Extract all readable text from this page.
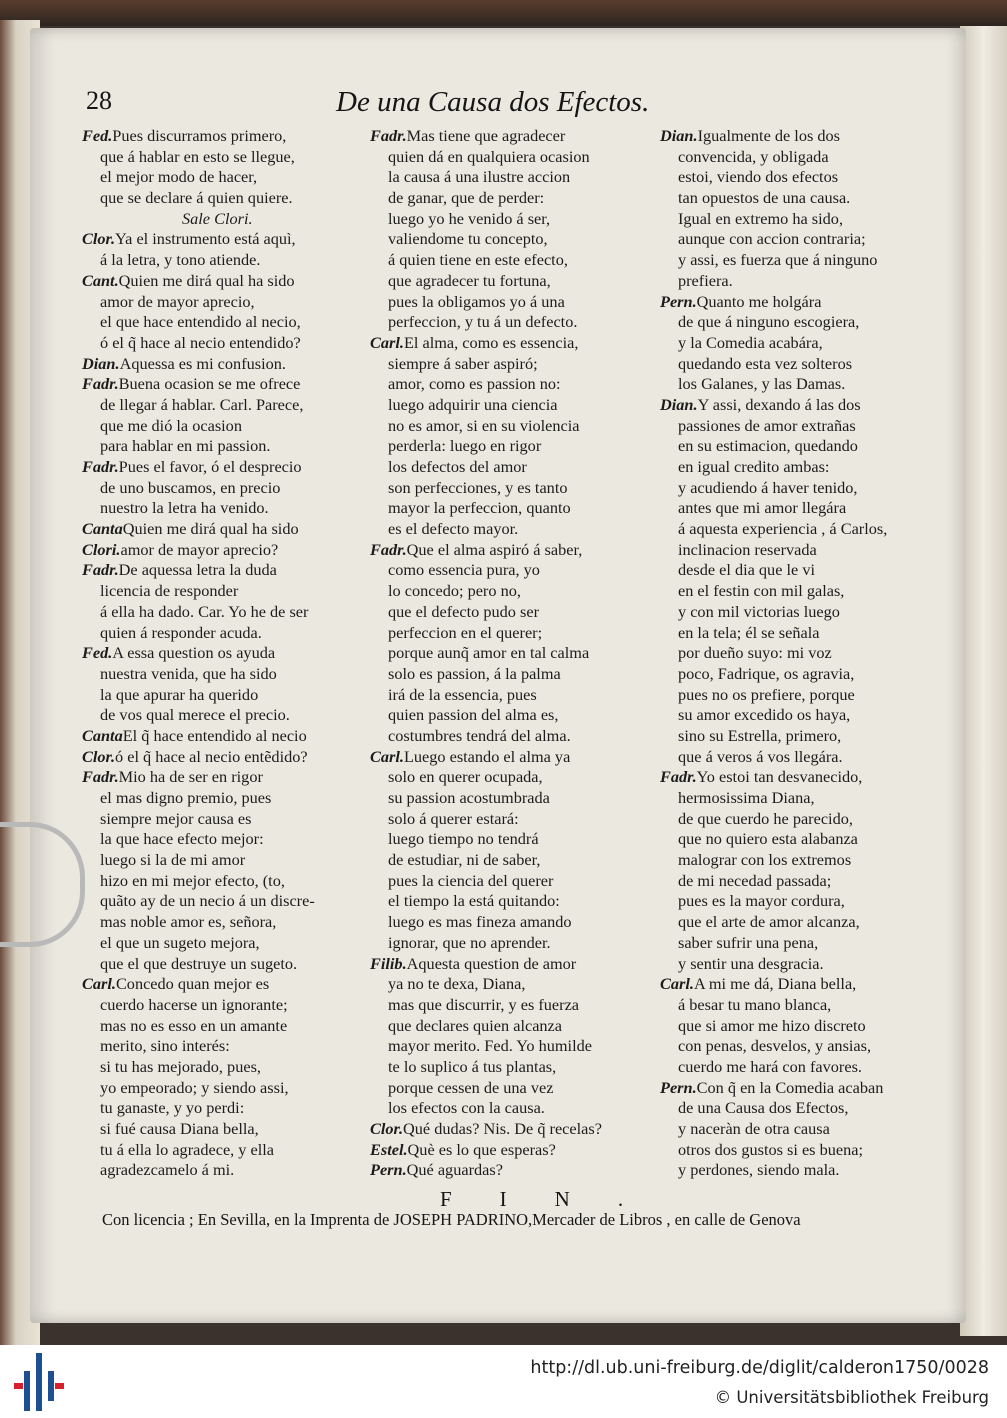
28	De una Causa dos Efectos.
Fed.Pues discurramos primero,
que á hablar en esto se llegue,
el mejor modo de hacer,
que se declare á quien quiere.
Sale Clori.
Clor.Ya el instrumento está aquì,
á la letra, y tono atiende.
Cant.Quien me dirá qual ha sido
amor de mayor aprecio,
el que hace entendido al necio,
ó el q̃ hace al necio entendido?
Dian.Aquessa es mi confusion.
Fadr.Buena ocasion se me ofrece
de llegar á hablar. Carl. Parece,
que me dió la ocasion
para hablar en mi passion.
Fadr.Pues el favor, ó el desprecio
de uno buscamos, en precio
nuestro la letra ha venido.
CantaQuien me dirá qual ha sido
Clori.amor de mayor aprecio?
Fadr.De aquessa letra la duda
licencia de responder
á ella ha dado. Car. Yo he de ser
quien á responder acuda.
Fed.A essa question os ayuda
nuestra venida, que ha sido
la que apurar ha querido
de vos qual merece el precio.
CantaEl q̃ hace entendido al necio
Clor.ó el q̃ hace al necio entẽdido?
Fadr.Mio ha de ser en rigor
el mas digno premio, pues
siempre mejor causa es
la que hace efecto mejor:
luego si la de mi amor
hizo en mi mejor efecto, (to,
quãto ay de un necio á un discre-
mas noble amor es, señora,
el que un sugeto mejora,
que el que destruye un sugeto.
Carl.Concedo quan mejor es
cuerdo hacerse un ignorante;
mas no es esso en un amante
merito, sino interés:
si tu has mejorado, pues,
yo empeorado; y siendo assi,
tu ganaste, y yo perdi:
si fué causa Diana bella,
tu á ella lo agradece, y ella
agradezcamelo á mi.
Fadr.Mas tiene que agradecer
quien dá en qualquiera ocasion
la causa á una ilustre accion
de ganar, que de perder:
luego yo he venido á ser,
valiendome tu concepto,
á quien tiene en este efecto,
que agradecer tu fortuna,
pues la obligamos yo á una
perfeccion, y tu á un defecto.
Carl.El alma, como es essencia,
siempre á saber aspiró;
amor, como es passion no:
luego adquirir una ciencia
no es amor, si en su violencia
perderla: luego en rigor
los defectos del amor
son perfecciones, y es tanto
mayor la perfeccion, quanto
es el defecto mayor.
Fadr.Que el alma aspiró á saber,
como essencia pura, yo
lo concedo; pero no,
que el defecto pudo ser
perfeccion en el querer;
porque aunq̃ amor en tal calma
solo es passion, á la palma
irá de la essencia, pues
quien passion del alma es,
costumbres tendrá del alma.
Carl.Luego estando el alma ya
solo en querer ocupada,
su passion acostumbrada
solo á querer estará:
luego tiempo no tendrá
de estudiar, ni de saber,
pues la ciencia del querer
el tiempo la está quitando:
luego es mas fineza amando
ignorar, que no aprender.
Filib.Aquesta question de amor
ya no te dexa, Diana,
mas que discurrir, y es fuerza
que declares quien alcanza
mayor merito. Fed. Yo humilde
te lo suplico á tus plantas,
porque cessen de una vez
los efectos con la causa.
Clor.Qué dudas? Nis. De q̃ recelas?
Estel.Què es lo que esperas?
Pern.Qué aguardas?
Dian.Igualmente de los dos
convencida, y obligada
estoi, viendo dos efectos
tan opuestos de una causa.
Igual en extremo ha sido,
aunque con accion contraria;
y assi, es fuerza que á ninguno
prefiera.
Pern.Quanto me holgára
de que á ninguno escogiera,
y la Comedia acabára,
quedando esta vez solteros
los Galanes, y las Damas.
Dian.Y assi, dexando á las dos
passiones de amor extrañas
en su estimacion, quedando
en igual credito ambas:
y acudiendo á haver tenido,
antes que mi amor llegára
á aquesta experiencia , á Carlos,
inclinacion reservada
desde el dia que le vi
en el festin con mil galas,
y con mil victorias luego
en la tela; él se señala
por dueño suyo: mi voz
poco, Fadrique, os agravia,
pues no os prefiere, porque
su amor excedido os haya,
sino su Estrella, primero,
que á veros á vos llegára.
Fadr.Yo estoi tan desvanecido,
hermosissima Diana,
de que cuerdo he parecido,
que no quiero esta alabanza
malograr con los extremos
de mi necedad passada;
pues es la mayor cordura,
que el arte de amor alcanza,
saber sufrir una pena,
y sentir una desgracia.
Carl.A mi me dá, Diana bella,
á besar tu mano blanca,
que si amor me hizo discreto
con penas, desvelos, y ansias,
cuerdo me hará con favores.
Pern.Con q̃ en la Comedia acaban
de una Causa dos Efectos,
y naceràn de otra causa
otros dos gustos si es buena;
y perdones, siendo mala.
FIN.
Con licencia ; En Sevilla, en la Imprenta de JOSEPH PADRINO,Mercader de Libros , en calle de Genova
http://dl.ub.uni-freiburg.de/diglit/calderon1750/0028
© Universitätsbibliothek Freiburg
